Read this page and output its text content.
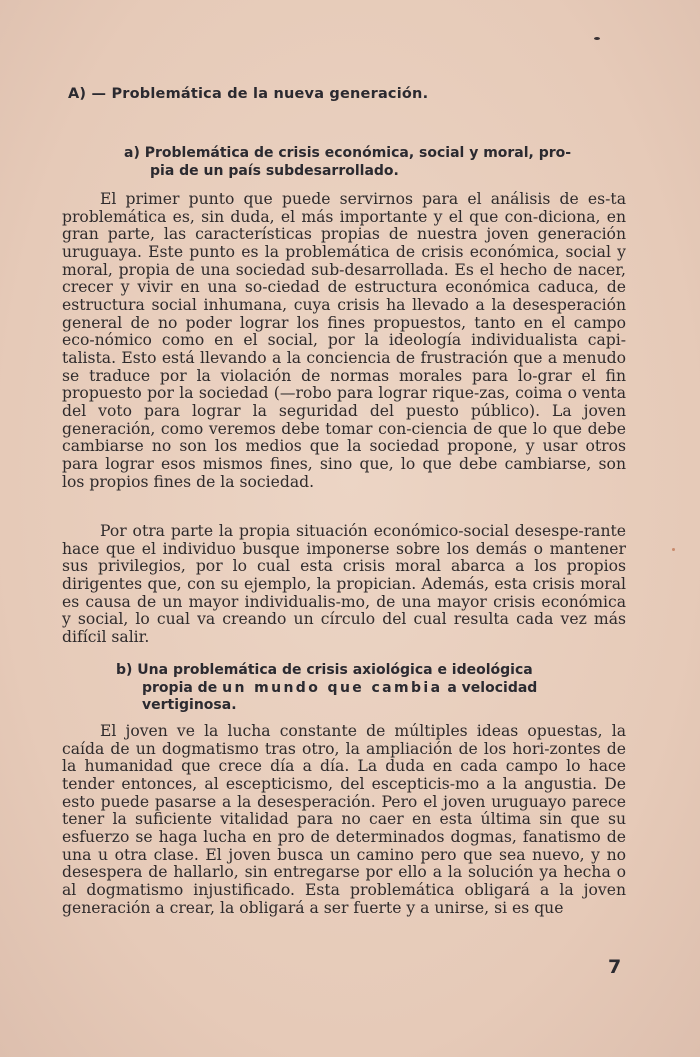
A) — Problemática de la nueva generación.
a) Problemática de crisis económica, social y moral, pro-
pia de un país subdesarrollado.

El primer punto que puede servirnos para el análisis de es-ta problemática es, sin duda, el más importante y el que con-diciona, en gran parte, las características propias de nuestra joven generación uruguaya. Este punto es la problemática de crisis económica, social y moral, propia de una sociedad sub-desarrollada. Es el hecho de nacer, crecer y vivir en una so-ciedad de estructura económica caduca, de estructura social inhumana, cuya crisis ha llevado a la desesperación general de no poder lograr los fines propuestos, tanto en el campo eco-nómico como en el social, por la ideología individualista capi-talista. Esto está llevando a la conciencia de frustración que a menudo se traduce por la violación de normas morales para lo-grar el fin propuesto por la sociedad (—robo para lograr rique-zas, coima o venta del voto para lograr la seguridad del puesto público). La joven generación, como veremos debe tomar con-ciencia de que lo que debe cambiarse no son los medios que la sociedad propone, y usar otros para lograr esos mismos fines, sino que, lo que debe cambiarse, son los propios fines de la sociedad.

Por otra parte la propia situación económico-social desespe-rante hace que el individuo busque imponerse sobre los demás o mantener sus privilegios, por lo cual esta crisis moral abarca a los propios dirigentes que, con su ejemplo, la propician. Además, esta crisis moral es causa de un mayor individualis-mo, de una mayor crisis económica y social, lo cual va creando un círculo del cual resulta cada vez más difícil salir.

b) Una problemática de crisis axiológica e ideológica
propia de un mundo que cambia a velocidad
vertiginosa.

El joven ve la lucha constante de múltiples ideas opuestas, la caída de un dogmatismo tras otro, la ampliación de los hori-zontes de la humanidad que crece día a día. La duda en cada campo lo hace tender entonces, al escepticismo, del escepticis-mo a la angustia. De esto puede pasarse a la desesperación. Pero el joven uruguayo parece tener la suficiente vitalidad para no caer en esta última sin que su esfuerzo se haga lucha en pro de determinados dogmas, fanatismo de una u otra clase. El joven busca un camino pero que sea nuevo, y no desespera de hallarlo, sin entregarse por ello a la solución ya hecha o al dogmatismo injustificado. Esta problemática obligará a la joven generación a crear, la obligará a ser fuerte y a unirse, si es que

7
